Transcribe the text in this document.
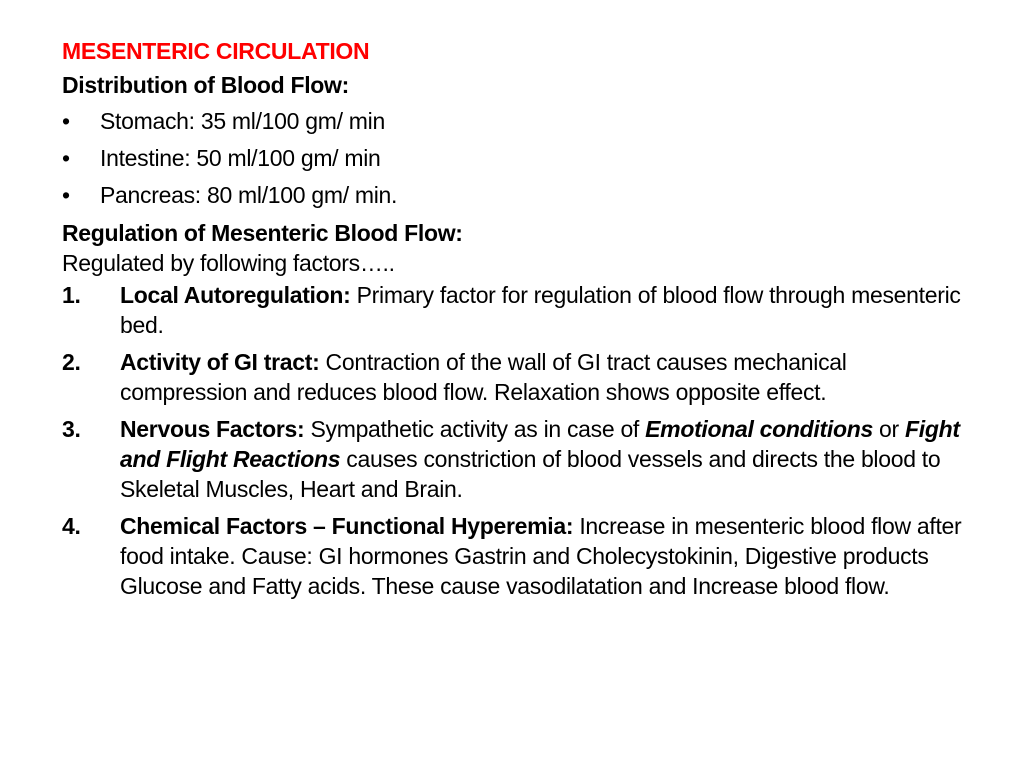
MESENTERIC CIRCULATION
Distribution of Blood Flow:
• Stomach: 35 ml/100 gm/ min
• Intestine: 50 ml/100 gm/ min
• Pancreas: 80 ml/100 gm/ min.
Regulation of Mesenteric Blood Flow:
Regulated by following factors…..
1. Local Autoregulation: Primary factor for regulation of blood flow through mesenteric bed.
2. Activity of GI tract: Contraction of the wall of GI tract causes mechanical compression and reduces blood flow. Relaxation shows opposite effect.
3. Nervous Factors: Sympathetic activity as in case of Emotional conditions or Fight and Flight Reactions causes constriction of blood vessels and directs the blood to Skeletal Muscles, Heart and Brain.
4. Chemical Factors – Functional Hyperemia: Increase in mesenteric blood flow after food intake. Cause: GI hormones Gastrin and Cholecystokinin, Digestive products Glucose and Fatty acids. These cause vasodilatation and Increase blood flow.
